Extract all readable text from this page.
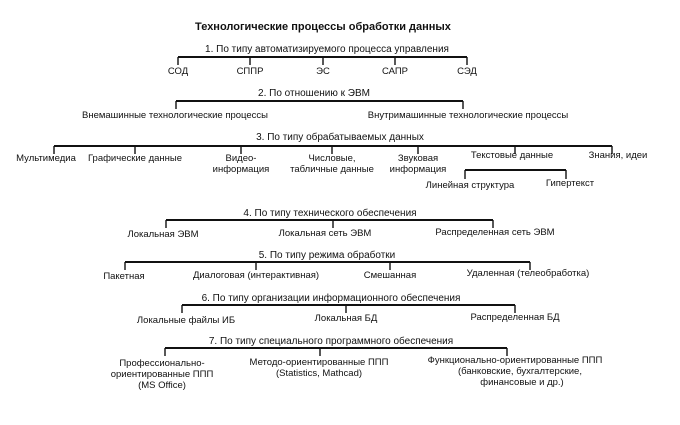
Технологические процессы обработки данных
1. По типу автоматизируемого процесса управления
СОД	СППР	ЭС	САПР	СЭД
2. По отношению к ЭВМ
Внемашинные технологические процессы	Внутримашинные технологические процессы
3. По типу обрабатываемых данных
Мультимедиа Графические данные	Видео-
информация
Числовые,
табличные данные
Звуковая
информация
Текстовые данные	Знания, идеи
Линейная структура	Гипертекст
4. По типу технического обеспечения
Локальная ЭВМ	Локальная сеть ЭВМ	Распределенная сеть ЭВМ
5. По типу режима обработки
Пакетная	Диалоговая (интерактивная)	Смешанная	Удаленная (телеобработка)
6. По типу организации информационного обеспечения
Локальные файлы ИБ	Локальная БД	Распределенная БД
7. По типу специального программного обеспечения
Профессионально-
ориентированные ППП
(MS Office)
Методо-ориентированные ППП
(Statistics, Mathcad)
Функционально-ориентированные ППП
(банковские, бухгалтерские,
финансовые и др.)
